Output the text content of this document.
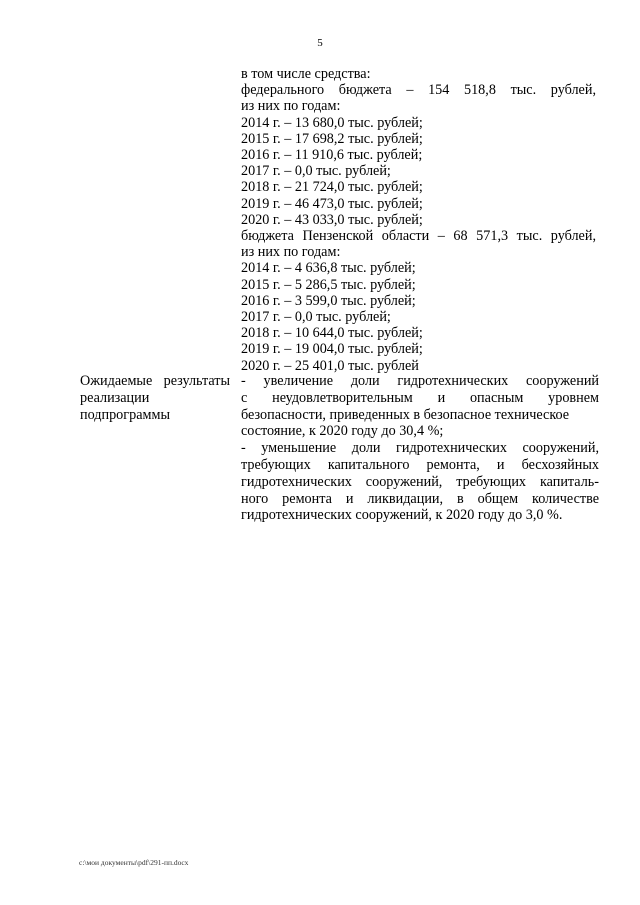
5
в том числе средства:
федерального бюджета – 154 518,8 тыс. рублей,
из них по годам:
2014 г. – 13 680,0 тыс. рублей;
2015 г. – 17 698,2 тыс. рублей;
2016 г. – 11 910,6 тыс. рублей;
2017 г. – 0,0 тыс. рублей;
2018 г. – 21 724,0 тыс. рублей;
2019 г. – 46 473,0 тыс. рублей;
2020 г. – 43 033,0 тыс. рублей;
бюджета Пензенской области – 68 571,3 тыс. рублей,
из них по годам:
2014 г. – 4 636,8 тыс. рублей;
2015 г. – 5 286,5 тыс. рублей;
2016 г. – 3 599,0 тыс. рублей;
2017 г. – 0,0 тыс. рублей;
2018 г. – 10 644,0 тыс. рублей;
2019 г. – 19 004,0 тыс. рублей;
2020 г. – 25 401,0 тыс. рублей
Ожидаемые результаты
реализации
подпрограммы
- увеличение доли гидротехнических сооружений
с неудовлетворительным и опасным уровнем
безопасности, приведенных в безопасное техническое
состояние, к 2020 году до 30,4 %;
- уменьшение доли гидротехнических сооружений,
требующих капитального ремонта, и бесхозяйных
гидротехнических сооружений, требующих капиталь-
ного ремонта и ликвидации, в общем количестве
гидротехнических сооружений, к 2020 году до 3,0 %.
c:\мои документы\pdf\291-пп.docx
